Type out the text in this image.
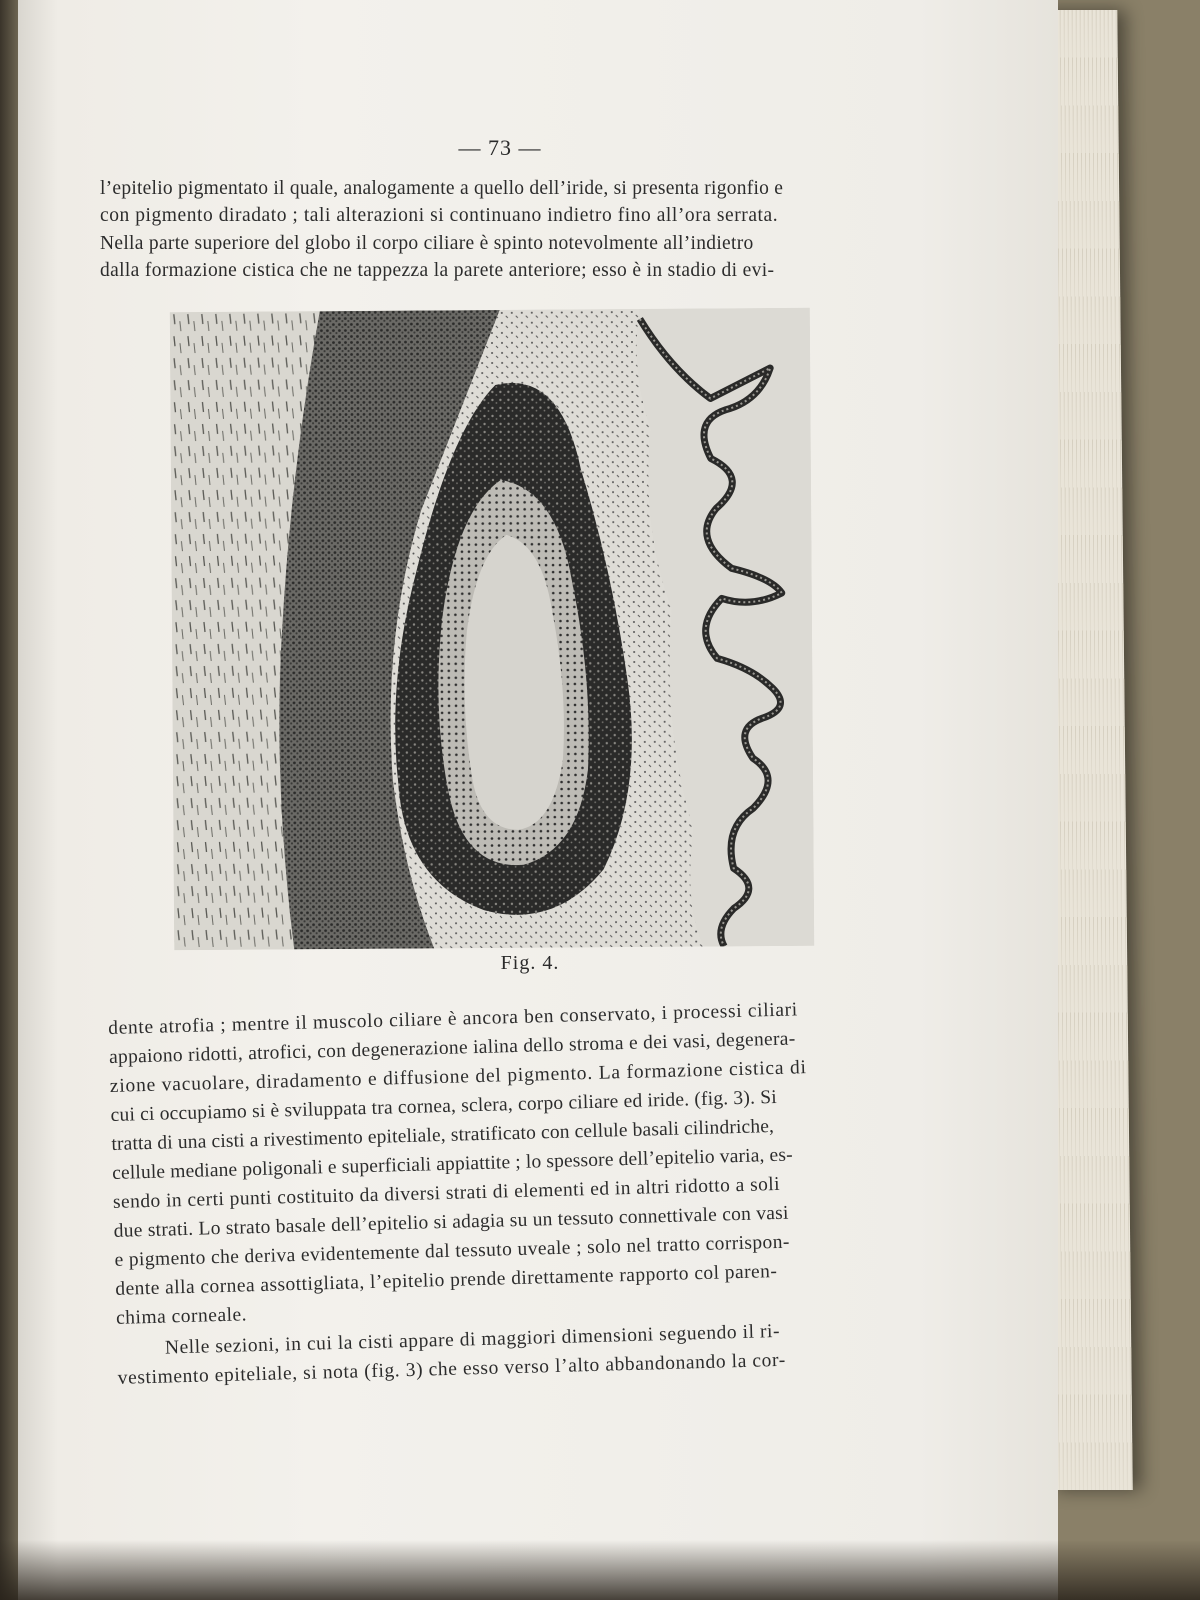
— 73 —
l’epitelio pigmentato il quale, analogamente a quello dell’iride, si presenta rigonfio e
con pigmento diradato ; tali alterazioni si continuano indietro fino all’ora serrata.
Nella parte superiore del globo il corpo ciliare è spinto notevolmente all’indietro
dalla formazione cistica che ne tappezza la parete anteriore; esso è in stadio di evi-
Fig. 4.
dente atrofia ; mentre il muscolo ciliare è ancora ben conservato, i processi ciliari
appaiono ridotti, atrofici, con degenerazione ialina dello stroma e dei vasi, degenera-
zione vacuolare, diradamento e diffusione del pigmento. La formazione cistica di
cui ci occupiamo si è sviluppata tra cornea, sclera, corpo ciliare ed iride. (fig. 3). Si
tratta di una cisti a rivestimento epiteliale, stratificato con cellule basali cilindriche,
cellule mediane poligonali e superficiali appiattite ; lo spessore dell’epitelio varia, es-
sendo in certi punti costituito da diversi strati di elementi ed in altri ridotto a soli
due strati. Lo strato basale dell’epitelio si adagia su un tessuto connettivale con vasi
e pigmento che deriva evidentemente dal tessuto uveale ; solo nel tratto corrispon-
dente alla cornea assottigliata, l’epitelio prende direttamente rapporto col paren-
chima corneale.
Nelle sezioni, in cui la cisti appare di maggiori dimensioni seguendo il ri-
vestimento epiteliale, si nota (fig. 3) che esso verso l’alto abbandonando la cor-
